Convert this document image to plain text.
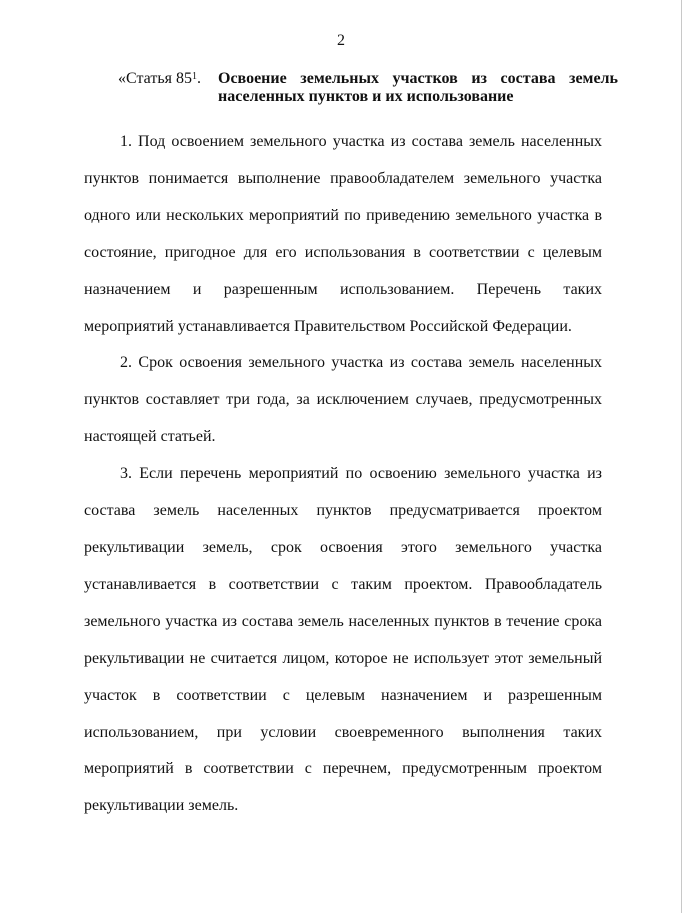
2
«Статья $85^1$.	Освоение земельных участков из состава земель населенных пунктов и их использование

1. Под освоением земельного участка из состава земель населенных пунктов понимается выполнение правообладателем земельного участка одного или нескольких мероприятий по приведению земельного участка в состояние, пригодное для его использования в соответствии с целевым назначением и разрешенным использованием. Перечень таких мероприятий устанавливается Правительством Российской Федерации.

2. Срок освоения земельного участка из состава земель населенных пунктов составляет три года, за исключением случаев, предусмотренных настоящей статьей.

3. Если перечень мероприятий по освоению земельного участка из состава земель населенных пунктов предусматривается проектом рекультивации земель, срок освоения этого земельного участка устанавливается в соответствии с таким проектом. Правообладатель земельного участка из состава земель населенных пунктов в течение срока рекультивации не считается лицом, которое не использует этот земельный участок в соответствии с целевым назначением и разрешенным использованием, при условии своевременного выполнения таких мероприятий в соответствии с перечнем, предусмотренным проектом рекультивации земель.
